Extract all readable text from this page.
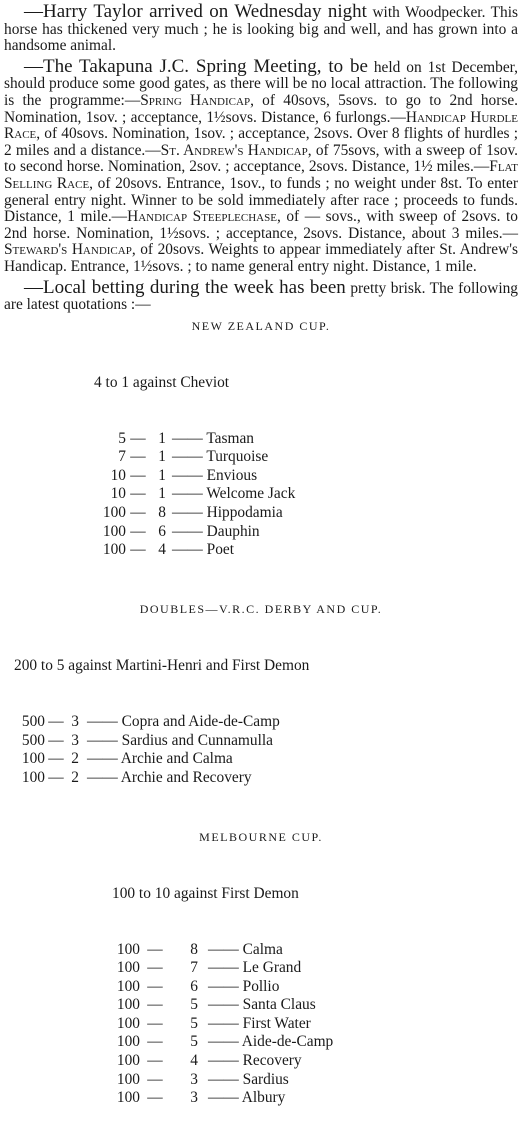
—Harry Taylor arrived on Wednesday night with Woodpecker. This horse has thickened very much ; he is looking big and well, and has grown into a handsome animal.

—The Takapuna J.C. Spring Meeting, to be held on 1st December, should produce some good gates, as there will be no local attraction. The following is the programme:—Spring Handicap, of 40sovs, 5sovs. to go to 2nd horse. Nomination, 1sov. ; acceptance, 1½sovs. Distance, 6 furlongs.—Handicap Hurdle Race, of 40sovs. Nomination, 1sov. ; acceptance, 2sovs. Over 8 flights of hurdles ; 2 miles and a distance.—St. Andrew's Handicap, of 75sovs, with a sweep of 1sov. to second horse. Nomination, 2sov. ; acceptance, 2sovs. Distance, 1½ miles.—Flat Selling Race, of 20sovs. Entrance, 1sov., to funds ; no weight under 8st. To enter general entry night. Winner to be sold immediately after race ; proceeds to funds. Distance, 1 mile.—Handicap Steeplechase, of — sovs., with sweep of 2sovs. to 2nd horse. Nomination, 1½sovs. ; acceptance, 2sovs. Distance, about 3 miles.—Steward's Handicap, of 20sovs. Weights to appear immediately after St. Andrew's Handicap. Entrance, 1½sovs. ; to name general entry night. Distance, 1 mile.

—Local betting during the week has been pretty brisk. The following are latest quotations :—

NEW ZEALAND CUP.

4 to 1 against Cheviot

5 — 1 —— Tasman
7 — 1 —— Turquoise
10 — 1 —— Envious
10 — 1 —— Welcome Jack
100 — 8 —— Hippodamia
100 — 6 —— Dauphin
100 — 4 —— Poet

DOUBLES—V.R.C. DERBY AND CUP.

200 to 5 against Martini-Henri and First Demon

500 — 3 —— Copra and Aide-de-Camp
500 — 3 —— Sardius and Cunnamulla
100 — 2 —— Archie and Calma
100 — 2 —— Archie and Recovery

MELBOURNE CUP.

100 to 10 against First Demon

100 —	8 —— Calma
100 —	7 —— Le Grand
100 —	6 —— Pollio
100 —	5 —— Santa Claus
100 —	5 —— First Water
100 —	5 —— Aide-de-Camp
100 —	4 —— Recovery
100 —	3 —— Sardius
100 —	3 —— Albury
